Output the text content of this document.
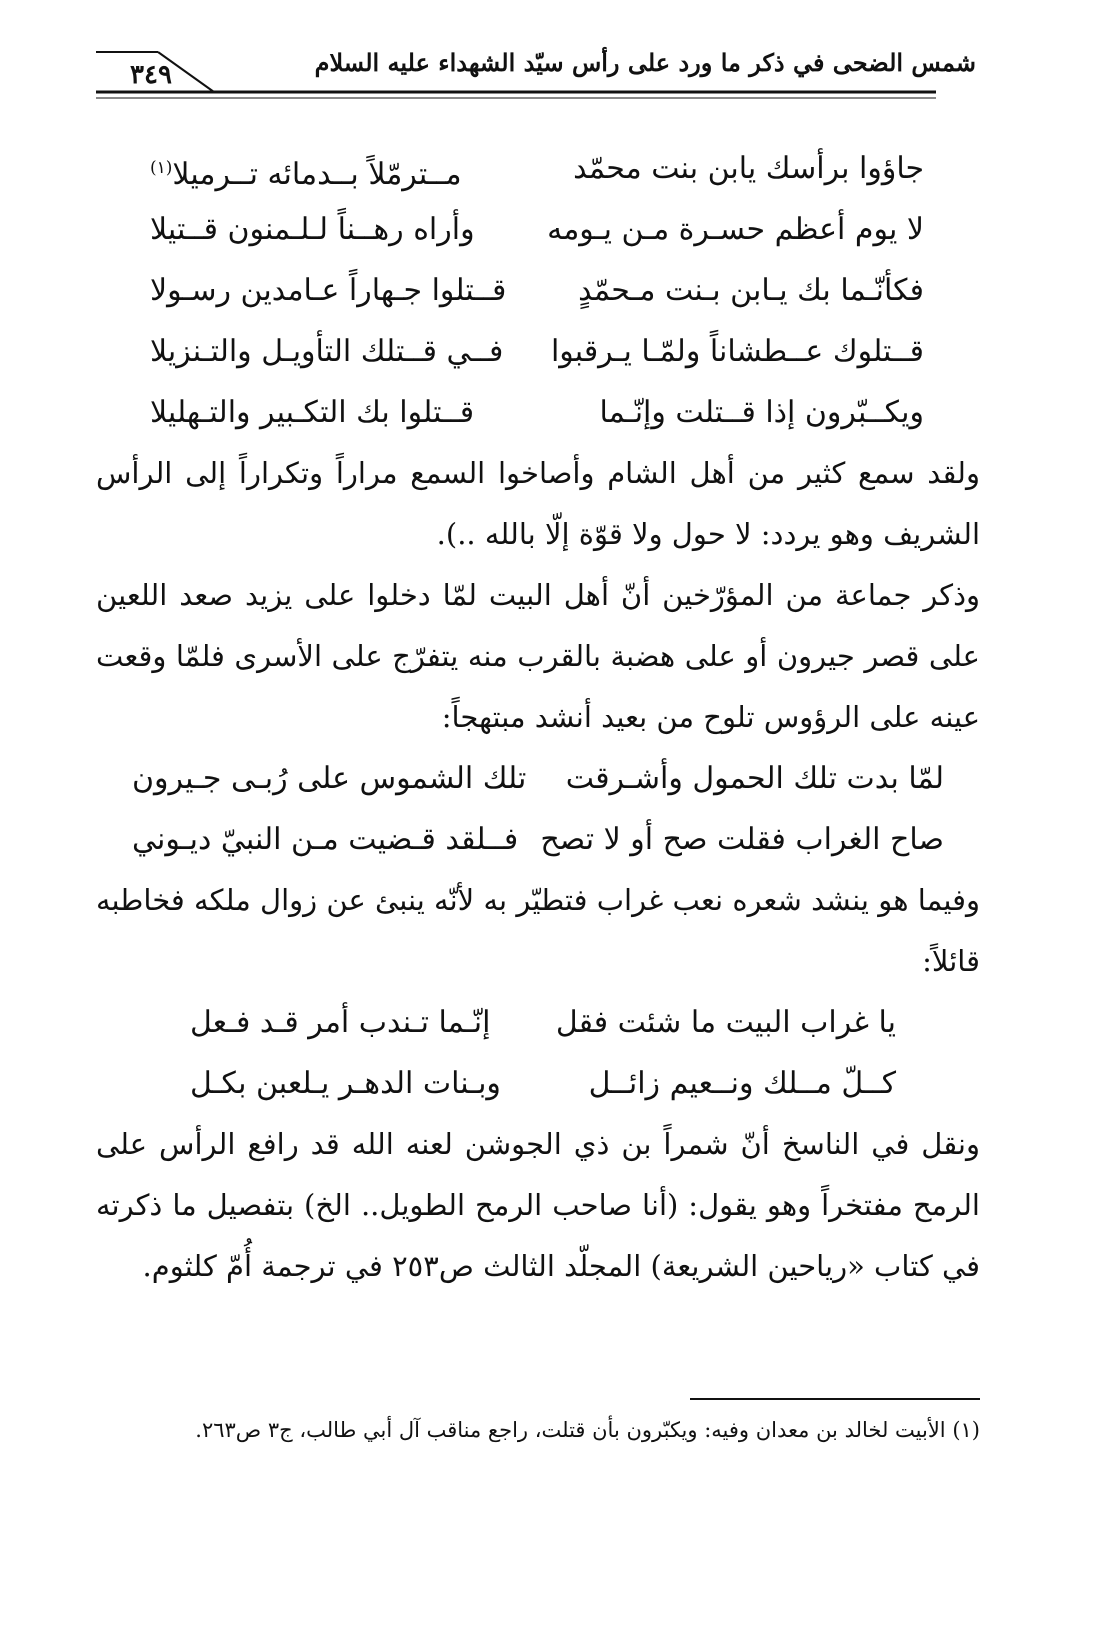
٣٤٩	شمس الضحى في ذكر ما ورد على رأس سيّد الشهداء عليه السلام
جاؤوا برأسك يابن بنت محمّد
مــترمّلاً بــدمائه تــرميلا$^{(١)}$
لا يوم أعظم حسـرة مـن يـومه
وأراه رهــناً لـلـمنون قــتيلا
فكأنّـما بك يـابن بـنت مـحمّدٍ
قــتلوا جـهاراً عـامدين رسـولا
قــتلوك عــطشاناً ولمّـا يـرقبوا
فــي قــتلك التأويـل والتـنزيلا
ويكــبّرون إذا قــتلت وإنّـما
قــتلوا بك التكـبير والتـهليلا

ولقد سمع كثير من أهل الشام وأصاخوا السمع مراراً وتكراراً إلى الرأس الشريف وهو يردد: لا حول ولا قوّة إلّا بالله ..).

وذكر جماعة من المؤرّخين أنّ أهل البيت لمّا دخلوا على يزيد صعد اللعين على قصر جيرون أو على هضبة بالقرب منه يتفرّج على الأسرى فلمّا وقعت عينه على الرؤوس تلوح من بعيد أنشد مبتهجاً:

لمّا بدت تلك الحمول وأشـرقت
تلك الشموس على رُبـى جـيرون
صاح الغراب فقلت صح أو لا تصح
فــلقد قـضيت مـن النبيّ ديـوني

وفيما هو ينشد شعره نعب غراب فتطيّر به لأنّه ينبئ عن زوال ملكه فخاطبه قائلاً:

يا غراب البيت ما شئت فقل
إنّـما تـندب أمر قـد فـعل
كــلّ مــلك ونــعيم زائــل
وبـنات الدهـر يـلعبن بكـل

ونقل في الناسخ أنّ شمراً بن ذي الجوشن لعنه الله قد رافع الرأس على الرمح مفتخراً وهو يقول: (أنا صاحب الرمح الطويل.. الخ) بتفصيل ما ذكرته في كتاب «رياحين الشريعة) المجلّد الثالث ص٢٥٣ في ترجمة أُمّ كلثوم.

(١) الأبيت لخالد بن معدان وفيه: ويكبّرون بأن قتلت، راجع مناقب آل أبي طالب، ج٣ ص٢٦٣.
